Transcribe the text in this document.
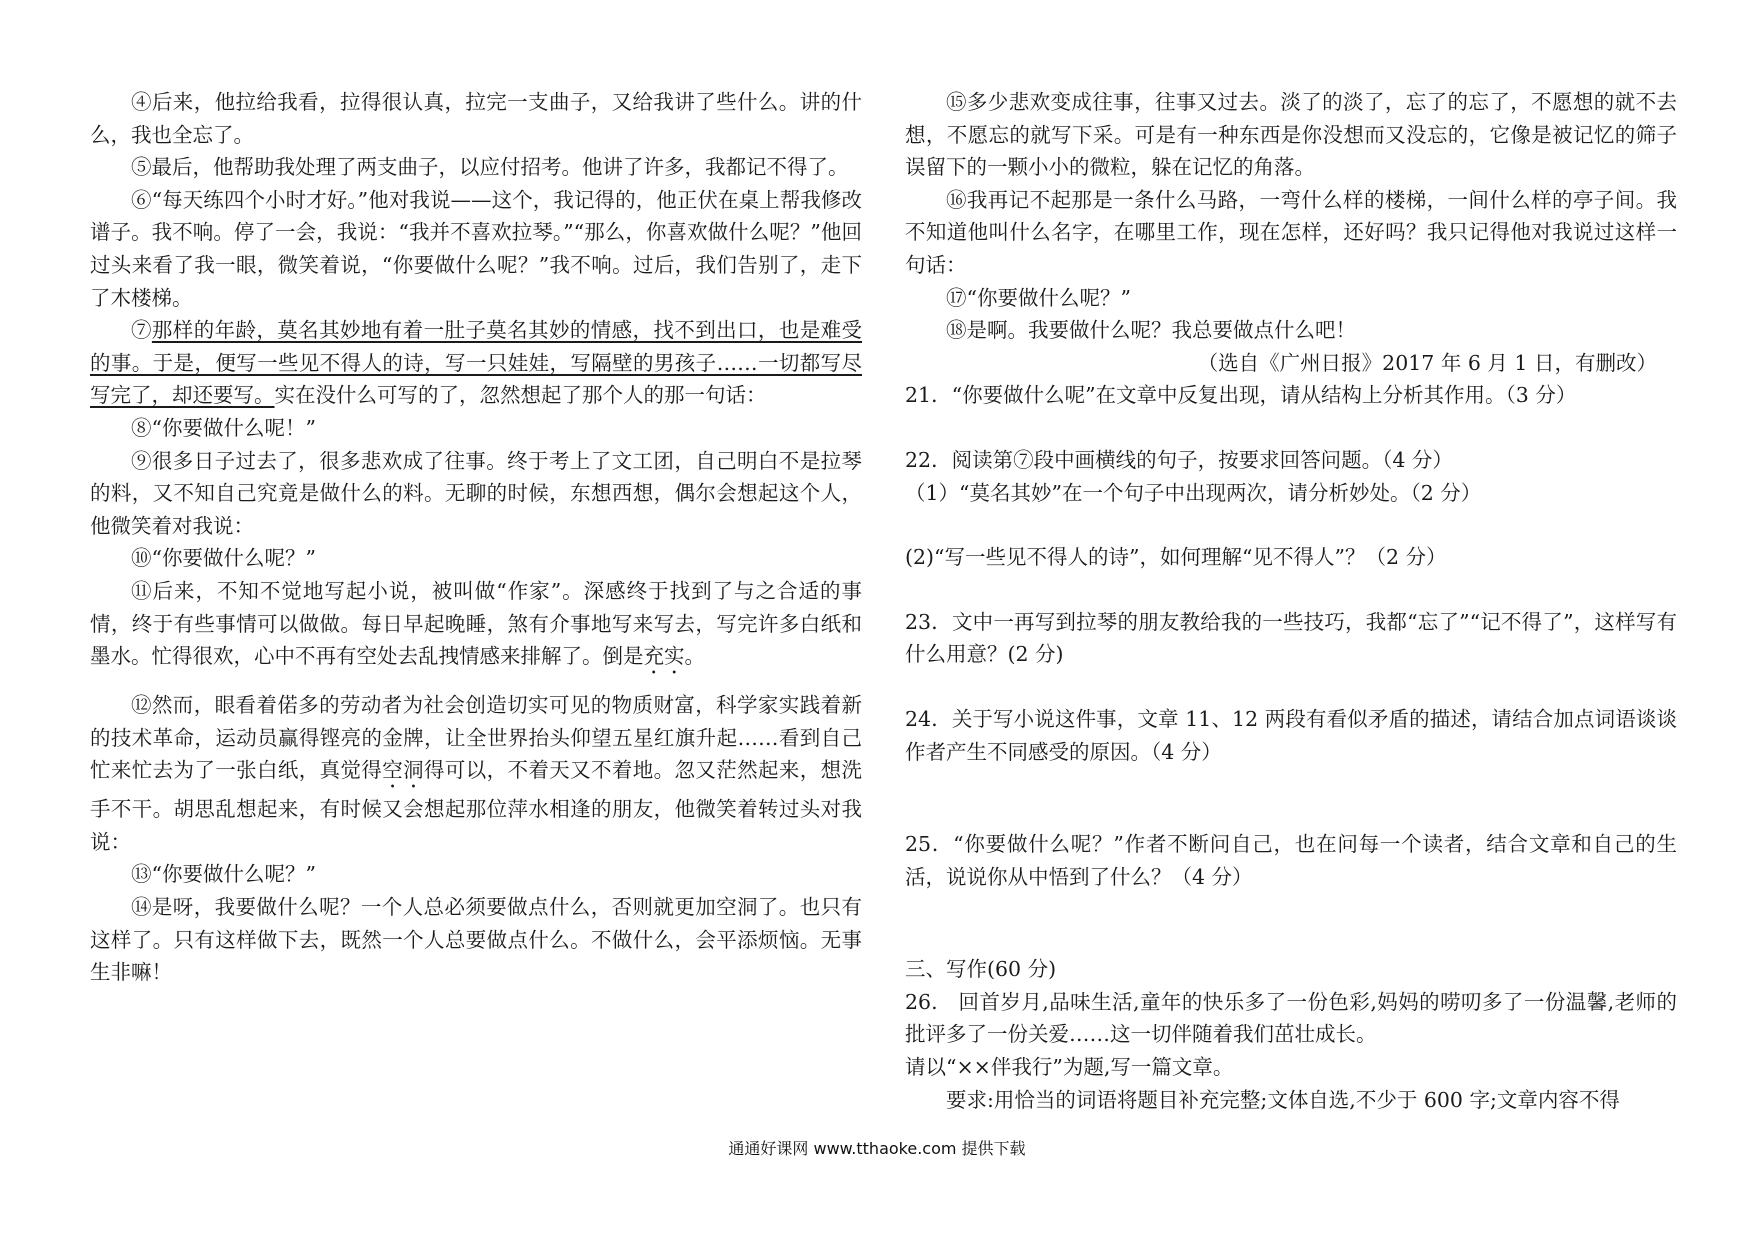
④后来，他拉给我看，拉得很认真，拉完一支曲子，又给我讲了些什么。讲的什么，我也全忘了。

⑤最后，他帮助我处理了两支曲子，以应付招考。他讲了许多，我都记不得了。

⑥“每天练四个小时才好。”他对我说——这个，我记得的，他正伏在桌上帮我修改谱子。我不响。停了一会，我说：“我并不喜欢拉琴。”“那么，你喜欢做什么呢？”他回过头来看了我一眼，微笑着说，“你要做什么呢？”我不响。过后，我们告别了，走下了木楼梯。

⑦那样的年龄，莫名其妙地有着一肚子莫名其妙的情感，找不到出口，也是难受的事。于是，便写一些见不得人的诗，写一只娃娃，写隔壁的男孩子……一切都写尽写完了，却还要写。实在没什么可写的了，忽然想起了那个人的那一句话：

⑧“你要做什么呢！”

⑨很多日子过去了，很多悲欢成了往事。终于考上了文工团，自己明白不是拉琴的料，又不知自己究竟是做什么的料。无聊的时候，东想西想，偶尔会想起这个人，他微笑着对我说：

⑩“你要做什么呢？”

⑪后来，不知不觉地写起小说，被叫做“作家”。深感终于找到了与之合适的事情，终于有些事情可以做做。每日早起晚睡，煞有介事地写来写去，写完许多白纸和墨水。忙得很欢，心中不再有空处去乱拽情感来排解了。倒是充实。

⑫然而，眼看着偌多的劳动者为社会创造切实可见的物质财富，科学家实践着新的技术革命，运动员赢得铿亮的金牌，让全世界抬头仰望五星红旗升起……看到自己忙来忙去为了一张白纸，真觉得空洞得可以，不着天又不着地。忽又茫然起来，想洗手不干。胡思乱想起来，有时候又会想起那位萍水相逢的朋友，他微笑着转过头对我说：

⑬“你要做什么呢？”

⑭是呀，我要做什么呢？一个人总必须要做点什么，否则就更加空洞了。也只有这样了。只有这样做下去，既然一个人总要做点什么。不做什么，会平添烦恼。无事生非嘛！

⑮多少悲欢变成往事，往事又过去。淡了的淡了，忘了的忘了，不愿想的就不去想，不愿忘的就写下采。可是有一种东西是你没想而又没忘的，它像是被记忆的筛子误留下的一颗小小的微粒，躲在记忆的角落。

⑯我再记不起那是一条什么马路，一弯什么样的楼梯，一间什么样的亭子间。我不知道他叫什么名字，在哪里工作，现在怎样，还好吗？我只记得他对我说过这样一句话：

⑰“你要做什么呢？”

⑱是啊。我要做什么呢？我总要做点什么吧！

（选自《广州日报》2017 年 6 月 1 日，有删改）

21．“你要做什么呢”在文章中反复出现，请从结构上分析其作用。（3 分）

22．阅读第⑦段中画横线的句子，按要求回答问题。（4 分）

（1）“莫名其妙”在一个句子中出现两次，请分析妙处。（2 分）

(2)“写一些见不得人的诗”，如何理解“见不得人”？（2 分）

23．文中一再写到拉琴的朋友教给我的一些技巧，我都“忘了”“记不得了”，这样写有什么用意？(2 分)

24．关于写小说这件事，文章 11、12 两段有看似矛盾的描述，请结合加点词语谈谈作者产生不同感受的原因。（4 分）

25．“你要做什么呢？”作者不断问自己，也在问每一个读者，结合文章和自己的生活，说说你从中悟到了什么？（4 分）

三、写作(60 分)

26. 回首岁月,品味生活,童年的快乐多了一份色彩,妈妈的唠叨多了一份温馨,老师的批评多了一份关爱……这一切伴随着我们茁壮成长。

请以“××伴我行”为题,写一篇文章。

要求:用恰当的词语将题目补充完整;文体自选,不少于 600 字;文章内容不得

通通好课网 www.tthaoke.com 提供下载
